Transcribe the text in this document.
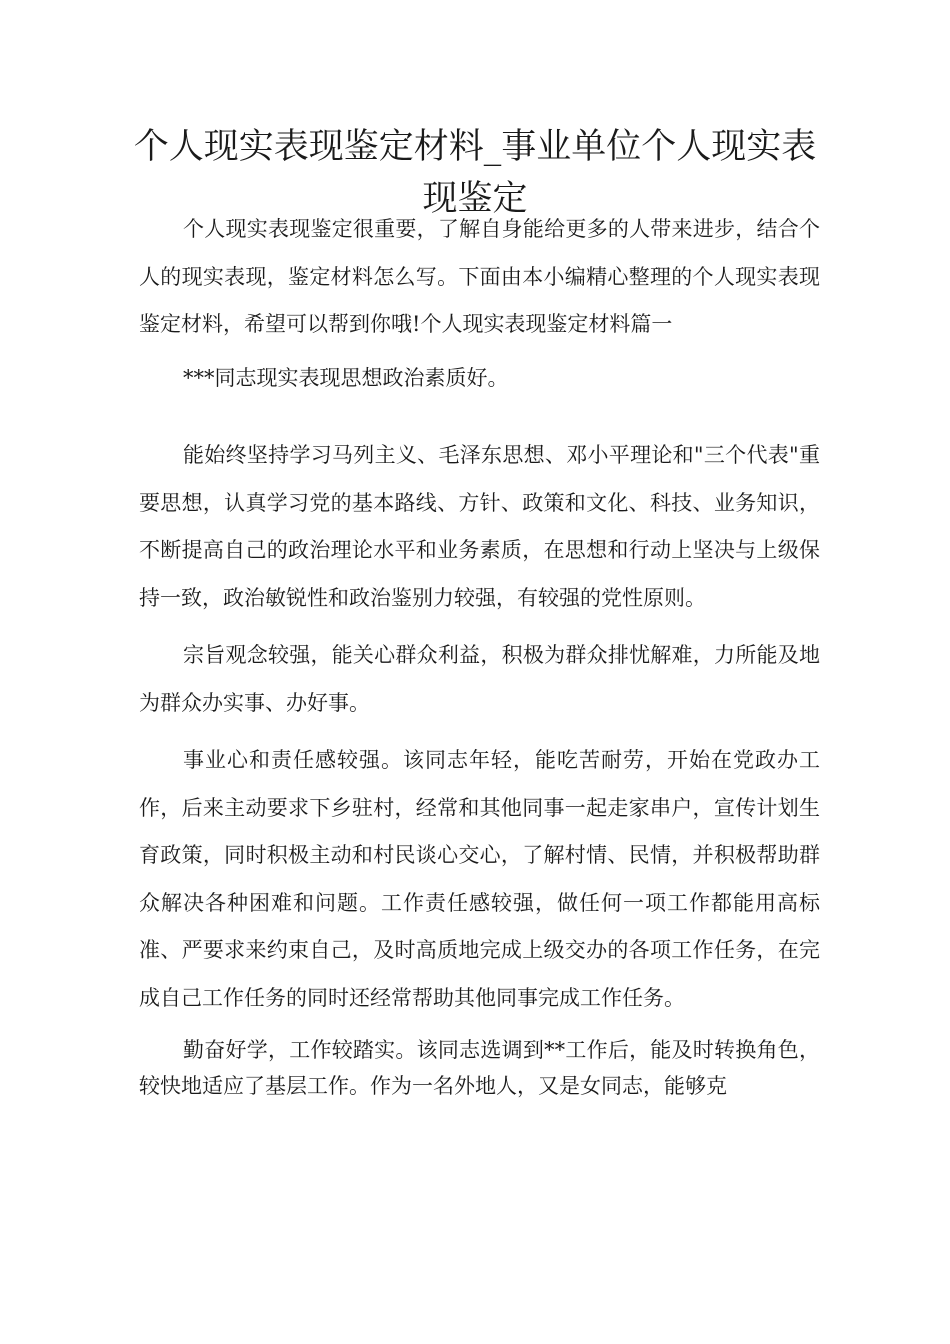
个人现实表现鉴定材料_事业单位个人现实表现鉴定

个人现实表现鉴定很重要，了解自身能给更多的人带来进步，结合个人的现实表现，鉴定材料怎么写。下面由本小编精心整理的个人现实表现鉴定材料，希望可以帮到你哦!个人现实表现鉴定材料篇一

***同志现实表现思想政治素质好。

能始终坚持学习马列主义、毛泽东思想、邓小平理论和"三个代表"重要思想，认真学习党的基本路线、方针、政策和文化、科技、业务知识，不断提高自己的政治理论水平和业务素质，在思想和行动上坚决与上级保持一致，政治敏锐性和政治鉴别力较强，有较强的党性原则。

宗旨观念较强，能关心群众利益，积极为群众排忧解难，力所能及地为群众办实事、办好事。

事业心和责任感较强。该同志年轻，能吃苦耐劳，开始在党政办工作，后来主动要求下乡驻村，经常和其他同事一起走家串户，宣传计划生育政策，同时积极主动和村民谈心交心，了解村情、民情，并积极帮助群众解决各种困难和问题。工作责任感较强，做任何一项工作都能用高标准、严要求来约束自己，及时高质地完成上级交办的各项工作任务，在完成自己工作任务的同时还经常帮助其他同事完成工作任务。

勤奋好学，工作较踏实。该同志选调到**工作后，能及时转换角色，较快地适应了基层工作。作为一名外地人，又是女同志，能够克
